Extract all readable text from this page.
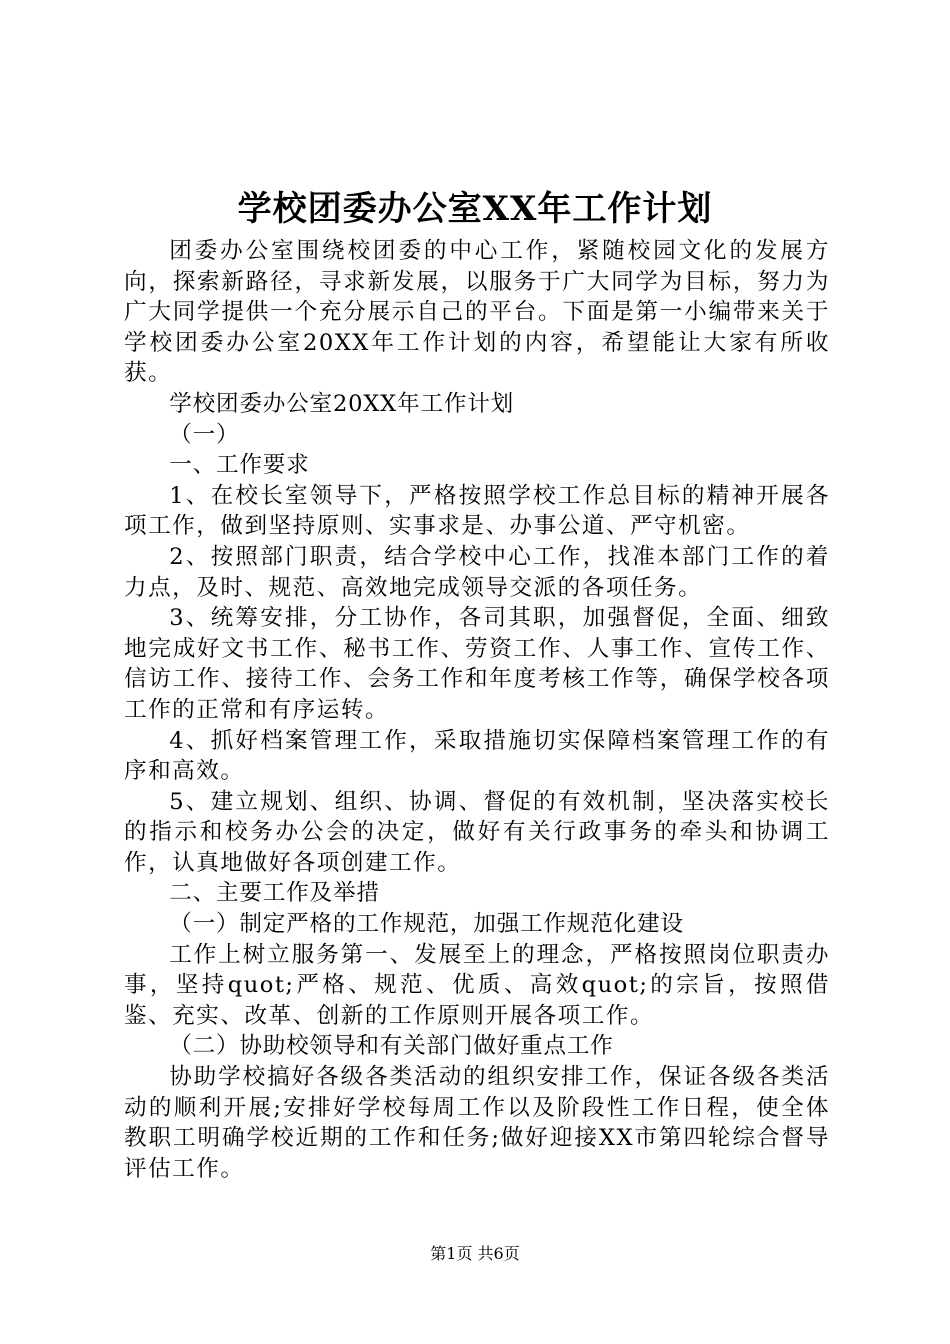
学校团委办公室XX年工作计划

团委办公室围绕校团委的中心工作，紧随校园文化的发展方向，探索新路径，寻求新发展，以服务于广大同学为目标，努力为广大同学提供一个充分展示自己的平台。下面是第一小编带来关于学校团委办公室20XX年工作计划的内容，希望能让大家有所收获。

学校团委办公室20XX年工作计划

（一）

一、工作要求

1、在校长室领导下，严格按照学校工作总目标的精神开展各项工作，做到坚持原则、实事求是、办事公道、严守机密。

2、按照部门职责，结合学校中心工作，找准本部门工作的着力点，及时、规范、高效地完成领导交派的各项任务。

3、统筹安排，分工协作，各司其职，加强督促，全面、细致地完成好文书工作、秘书工作、劳资工作、人事工作、宣传工作、信访工作、接待工作、会务工作和年度考核工作等，确保学校各项工作的正常和有序运转。

4、抓好档案管理工作，采取措施切实保障档案管理工作的有序和高效。

5、建立规划、组织、协调、督促的有效机制，坚决落实校长的指示和校务办公会的决定，做好有关行政事务的牵头和协调工作，认真地做好各项创建工作。

二、主要工作及举措

（一）制定严格的工作规范，加强工作规范化建设

工作上树立服务第一、发展至上的理念，严格按照岗位职责办事，坚持quot;严格、规范、优质、高效quot;的宗旨，按照借鉴、充实、改革、创新的工作原则开展各项工作。

（二）协助校领导和有关部门做好重点工作

协助学校搞好各级各类活动的组织安排工作，保证各级各类活动的顺利开展;安排好学校每周工作以及阶段性工作日程，使全体教职工明确学校近期的工作和任务;做好迎接XX市第四轮综合督导评估工作。

第1页 共6页
